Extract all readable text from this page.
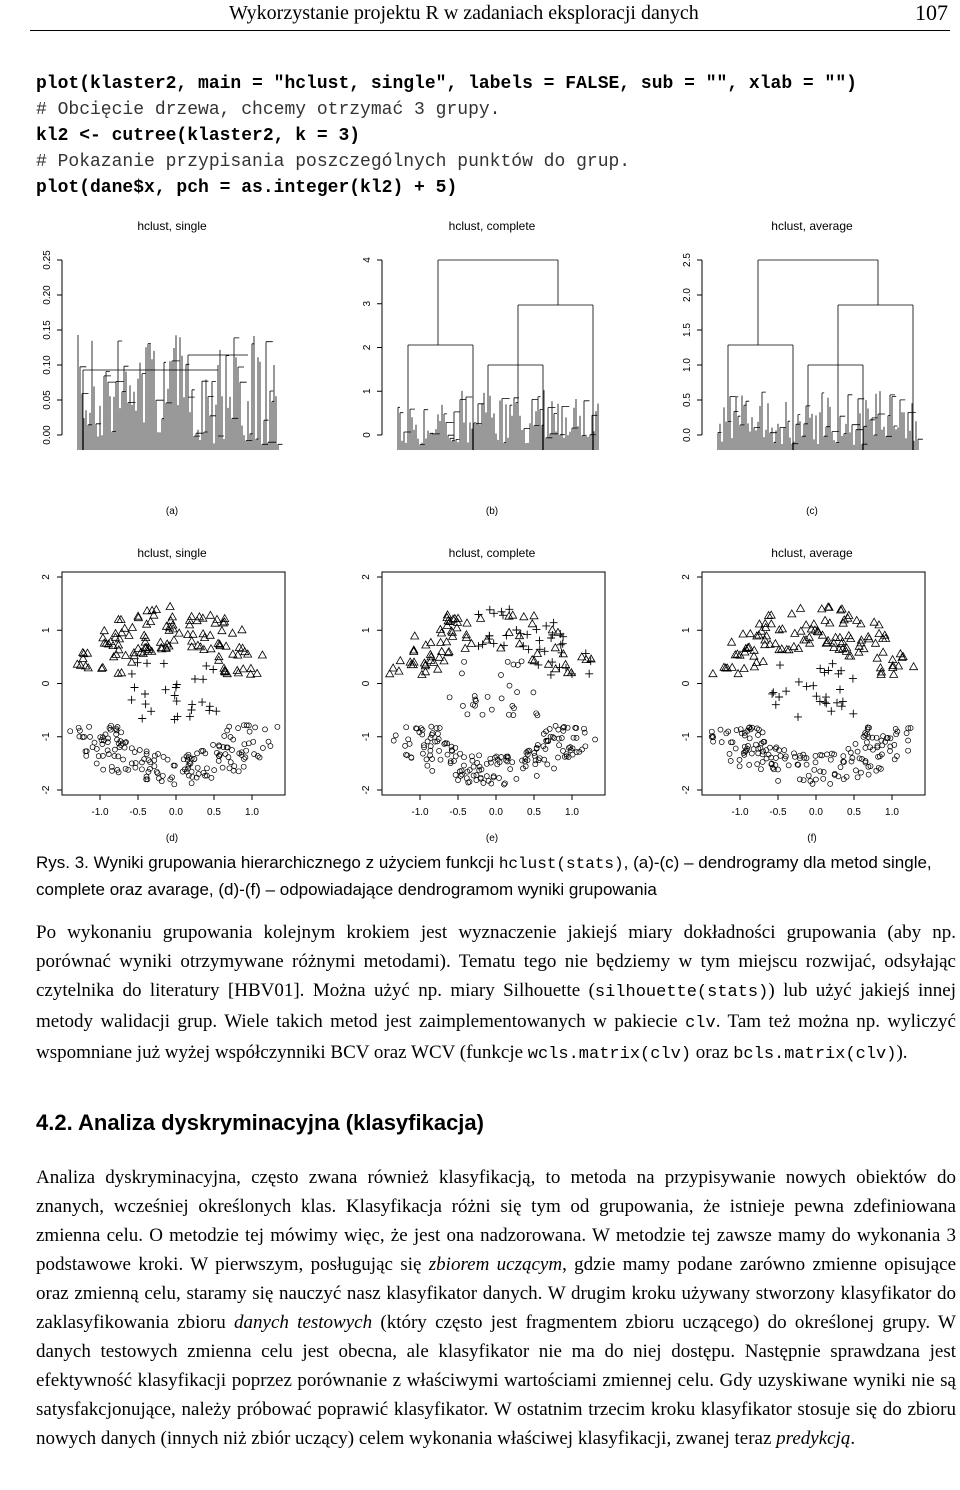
Wykorzystanie projektu R w zadaniach eksploracji danych	107
plot(klaster2, main = "hclust, single", labels = FALSE, sub = "", xlab = "")
# Obcięcie drzewa, chcemy otrzymać 3 grupy.
kl2 <- cutree(klaster2, k = 3)
# Pokazanie przypisania poszczególnych punktów do grup.
plot(dane$x, pch = as.integer(kl2) + 5)
hclust, single
(a)
0.00
0.05
0.10
0.15
0.20
0.25
hclust, complete
(b)
0
1
2
3
4
hclust, average
(c)
0.0
0.5
1.0
1.5
2.0
2.5
hclust, single
(d)
-2
-1
0
1
2
-1.0 -0.5 0.0 0.5 1.0
hclust, complete
(e)
-2
-1
0
1
2
-1.0 -0.5 0.0 0.5 1.0
hclust, average
(f)
-2
-1
0
1
2
-1.0 -0.5 0.0 0.5 1.0
Rys. 3. Wyniki grupowania hierarchicznego z użyciem funkcji hclust(stats), (a)-(c) – dendrogramy dla metod single, complete oraz avarage, (d)-(f) – odpowiadające dendrogramom wyniki grupowania
Po wykonaniu grupowania kolejnym krokiem jest wyznaczenie jakiejś miary dokładności grupowania (aby np. porównać wyniki otrzymywane różnymi metodami). Tematu tego nie będziemy w tym miejscu rozwijać, odsyłając czytelnika do literatury [HBV01]. Można użyć np. miary Silhouette (silhouette(stats)) lub użyć jakiejś innej metody walidacji grup. Wiele takich metod jest zaimplementowanych w pakiecie clv. Tam też można np. wyliczyć wspomniane już wyżej współczynniki BCV oraz WCV (funkcje wcls.matrix(clv) oraz bcls.matrix(clv)).
4.2. Analiza dyskryminacyjna (klasyfikacja)
Analiza dyskryminacyjna, często zwana również klasyfikacją, to metoda na przypisywanie nowych obiektów do znanych, wcześniej określonych klas. Klasyfikacja różni się tym od grupowania, że istnieje pewna zdefiniowana zmienna celu. O metodzie tej mówimy więc, że jest ona nadzorowana. W metodzie tej zawsze mamy do wykonania 3 podstawowe kroki. W pierwszym, posługując się zbiorem uczącym, gdzie mamy podane zarówno zmienne opisujące oraz zmienną celu, staramy się nauczyć nasz klasyfikator danych. W drugim kroku używany stworzony klasyfikator do zaklasyfikowania zbioru danych testowych (który często jest fragmentem zbioru uczącego) do określonej grupy. W danych testowych zmienna celu jest obecna, ale klasyfikator nie ma do niej dostępu. Następnie sprawdzana jest efektywność klasyfikacji poprzez porównanie z właściwymi wartościami zmiennej celu. Gdy uzyskiwane wyniki nie są satysfakcjonujące, należy próbować poprawić klasyfikator. W ostatnim trzecim kroku klasyfikator stosuje się do zbioru nowych danych (innych niż zbiór uczący) celem wykonania właściwej klasyfikacji, zwanej teraz predykcją.
